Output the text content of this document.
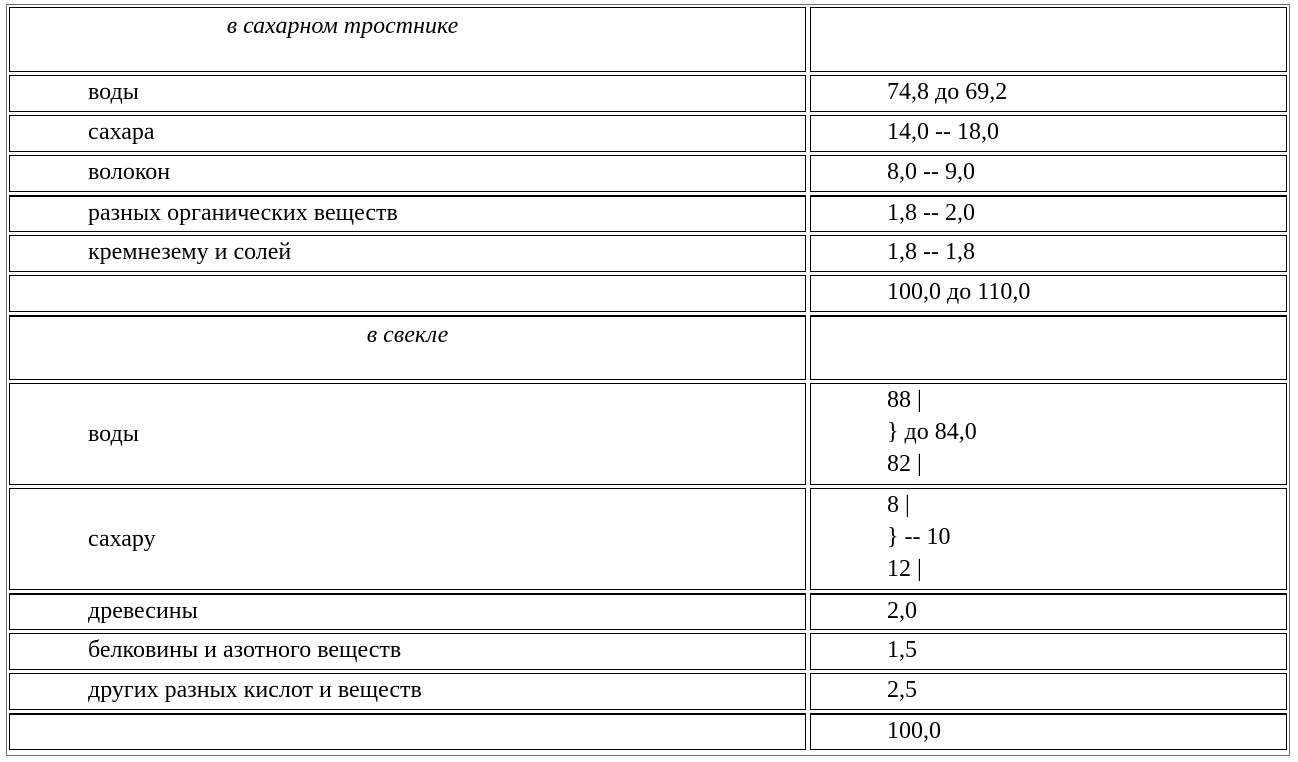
в сахарном тростнике	

воды	74,8 до 69,2

сахара	14,0 -- 18,0

волокон	8,0 -- 9,0

разных органических веществ	1,8 -- 2,0

кремнезему и солей	1,8 -- 1,8

	100,0 до 110,0

в свекле	

воды	88 |
} до 84,0
82 |

сахару	8 |
} -- 10
12 |

древесины	2,0

белковины и азотного веществ	1,5

других разных кислот и веществ	2,5

	100,0
